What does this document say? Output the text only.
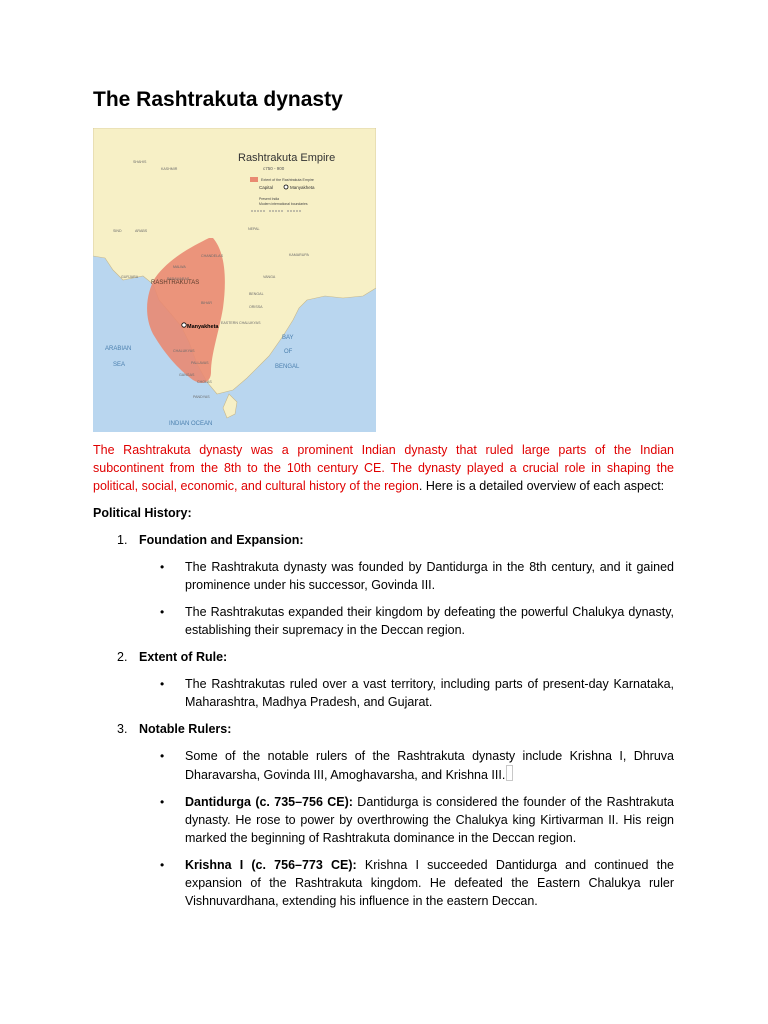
The Rashtrakuta dynasty
Rashtrakuta Empire
c750 - 900
Extent of the Rashtrakuta Empire
Capital	Manyakheta
Present India
Modern international boundaries
RASHTRAKUTAS
Manyakheta
ARABIAN
SEA
BAY
OF
BENGAL
INDIAN OCEAN
SHAHIS
KASHMIR
SIND	ARABS	NEPAL
GURJARA
CHANDELAS	KAMARUPA
MALWA
PARAMARAS	VANGA
BIHAR
BENGAL
ORISSA
EASTERN CHALUKYAS
CHALUKYAS
PALLAVAS
GANGAS
CHOLAS
PANDYAS

The Rashtrakuta dynasty was a prominent Indian dynasty that ruled large parts of the Indian subcontinent from the 8th to the 10th century CE. The dynasty played a crucial role in shaping the political, social, economic, and cultural history of the region. Here is a detailed overview of each aspect:

Political History:

1. Foundation and Expansion:

• The Rashtrakuta dynasty was founded by Dantidurga in the 8th century, and it gained prominence under his successor, Govinda III.
• The Rashtrakutas expanded their kingdom by defeating the powerful Chalukya dynasty, establishing their supremacy in the Deccan region.

2. Extent of Rule:

• The Rashtrakutas ruled over a vast territory, including parts of present-day Karnataka, Maharashtra, Madhya Pradesh, and Gujarat.

3. Notable Rulers:

• Some of the notable rulers of the Rashtrakuta dynasty include Krishna I, Dhruva Dharavarsha, Govinda III, Amoghavarsha, and Krishna III.
• Dantidurga (c. 735–756 CE): Dantidurga is considered the founder of the Rashtrakuta dynasty. He rose to power by overthrowing the Chalukya king Kirtivarman II. His reign marked the beginning of Rashtrakuta dominance in the Deccan region.
• Krishna I (c. 756–773 CE): Krishna I succeeded Dantidurga and continued the expansion of the Rashtrakuta kingdom. He defeated the Eastern Chalukya ruler Vishnuvardhana, extending his influence in the eastern Deccan.
